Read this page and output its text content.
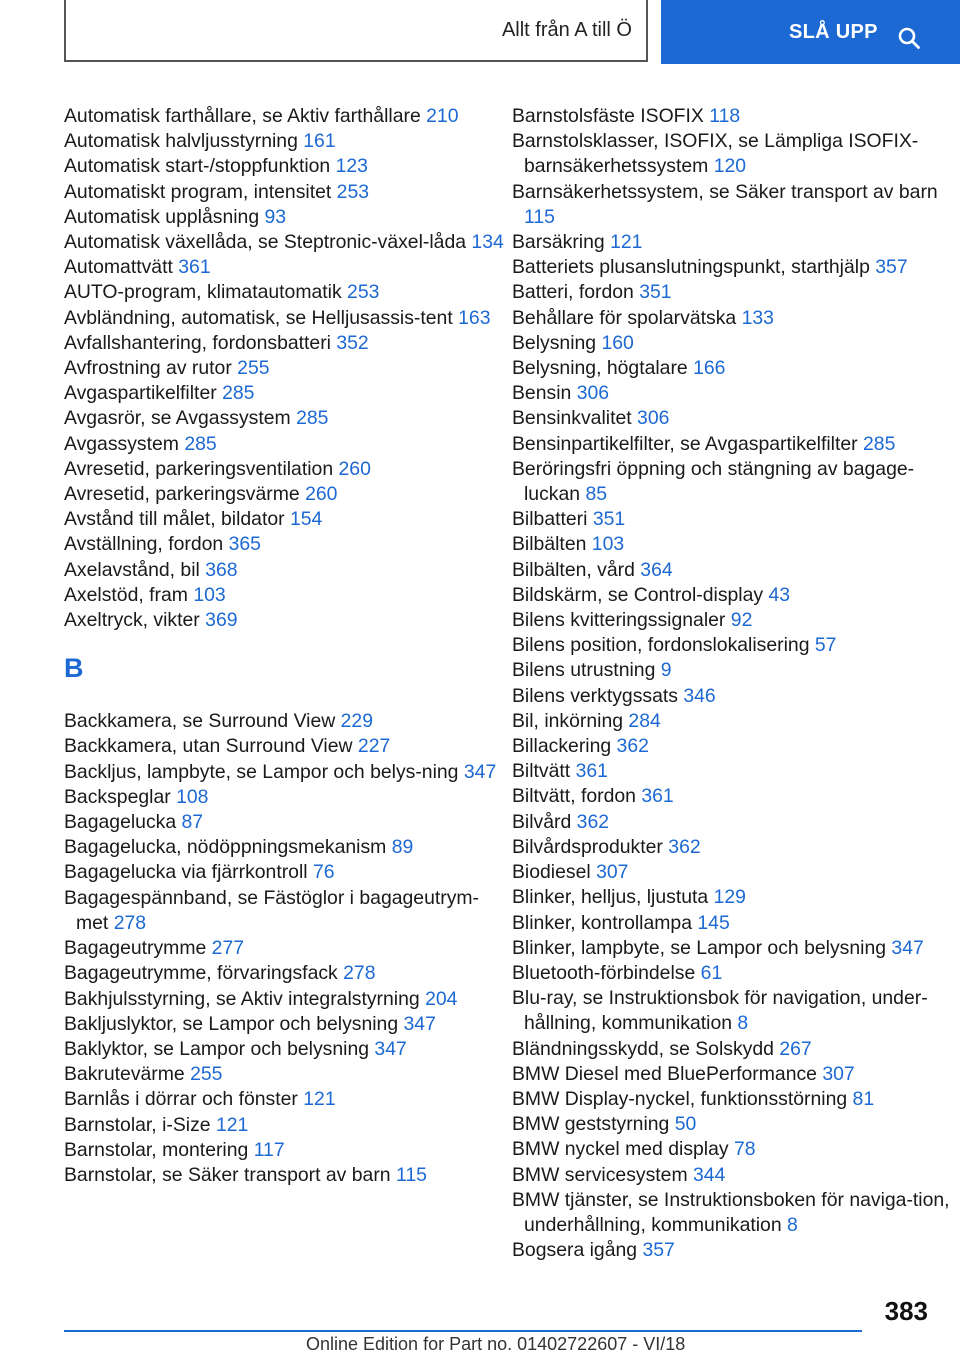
Allt från A till Ö	SLÅ UPP
Automatisk farthållare, se Aktiv farthållare 210
Automatisk halvljusstyrning 161
Automatisk start-/stoppfunktion 123
Automatiskt program, intensitet 253
Automatisk upplåsning 93
Automatisk växellåda, se Steptronic-växel-låda 134
Automattvätt 361
AUTO-program, klimatautomatik 253
Avbländning, automatisk, se Helljusassis-tent 163
Avfallshantering, fordonsbatteri 352
Avfrostning av rutor 255
Avgaspartikelfilter 285
Avgasrör, se Avgassystem 285
Avgassystem 285
Avresetid, parkeringsventilation 260
Avresetid, parkeringsvärme 260
Avstånd till målet, bildator 154
Avställning, fordon 365
Axelavstånd, bil 368
Axelstöd, fram 103
Axeltryck, vikter 369
B
Backkamera, se Surround View 229
Backkamera, utan Surround View 227
Backljus, lampbyte, se Lampor och belys-ning 347
Backspeglar 108
Bagagelucka 87
Bagagelucka, nödöppningsmekanism 89
Bagagelucka via fjärrkontroll 76
Bagagespännband, se Fästöglor i bagageutrym-met 278
Bagageutrymme 277
Bagageutrymme, förvaringsfack 278
Bakhjulsstyrning, se Aktiv integralstyrning 204
Bakljuslyktor, se Lampor och belysning 347
Baklyktor, se Lampor och belysning 347
Bakrutevärme 255
Barnlås i dörrar och fönster 121
Barnstolar, i-Size 121
Barnstolar, montering 117
Barnstolar, se Säker transport av barn 115
Barnstolsfäste ISOFIX 118
Barnstolsklasser, ISOFIX, se Lämpliga ISOFIX-barnsäkerhetssystem 120
Barnsäkerhetssystem, se Säker transport av barn 115
Barsäkring 121
Batteriets plusanslutningspunkt, starthjälp 357
Batteri, fordon 351
Behållare för spolarvätska 133
Belysning 160
Belysning, högtalare 166
Bensin 306
Bensinkvalitet 306
Bensinpartikelfilter, se Avgaspartikelfilter 285
Beröringsfri öppning och stängning av bagage-luckan 85
Bilbatteri 351
Bilbälten 103
Bilbälten, vård 364
Bildskärm, se Control-display 43
Bilens kvitteringssignaler 92
Bilens position, fordonslokalisering 57
Bilens utrustning 9
Bilens verktygssats 346
Bil, inkörning 284
Billackering 362
Biltvätt 361
Biltvätt, fordon 361
Bilvård 362
Bilvårdsprodukter 362
Biodiesel 307
Blinker, helljus, ljustuta 129
Blinker, kontrollampa 145
Blinker, lampbyte, se Lampor och belysning 347
Bluetooth-förbindelse 61
Blu-ray, se Instruktionsbok för navigation, under-hållning, kommunikation 8
Bländningsskydd, se Solskydd 267
BMW Diesel med BluePerformance 307
BMW Display-nyckel, funktionsstörning 81
BMW geststyrning 50
BMW nyckel med display 78
BMW servicesystem 344
BMW tjänster, se Instruktionsboken för naviga-tion, underhållning, kommunikation 8
Bogsera igång 357
383
Online Edition for Part no. 01402722607 - VI/18
